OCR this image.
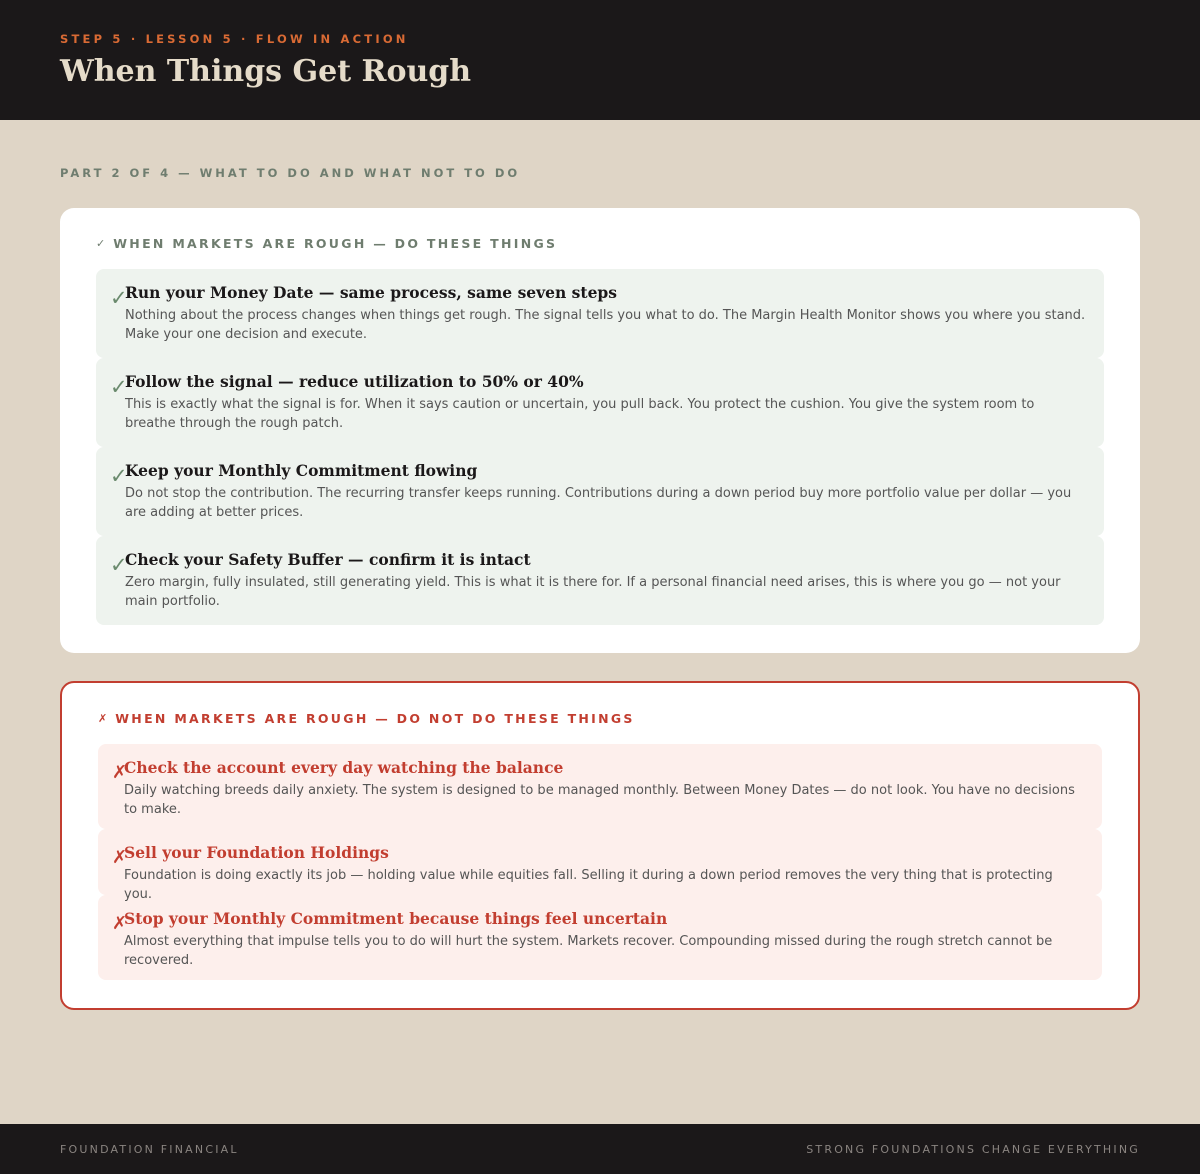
STEP 5 · LESSON 5 · FLOW IN ACTION
When Things Get Rough
PART 2 OF 4 — WHAT TO DO AND WHAT NOT TO DO
✓ WHEN MARKETS ARE ROUGH — DO THESE THINGS
✓
Run your Money Date — same process, same seven steps
Nothing about the process changes when things get rough. The signal tells you what to do. The Margin Health Monitor shows you where you stand. Make your one decision and execute.
✓
Follow the signal — reduce utilization to 50% or 40%
This is exactly what the signal is for. When it says caution or uncertain, you pull back. You protect the cushion. You give the system room to breathe through the rough patch.
✓
Keep your Monthly Commitment flowing
Do not stop the contribution. The recurring transfer keeps running. Contributions during a down period buy more portfolio value per dollar — you are adding at better prices.
✓
Check your Safety Buffer — confirm it is intact
Zero margin, fully insulated, still generating yield. This is what it is there for. If a personal financial need arises, this is where you go — not your main portfolio.
✗ WHEN MARKETS ARE ROUGH — DO NOT DO THESE THINGS
✗
Check the account every day watching the balance
Daily watching breeds daily anxiety. The system is designed to be managed monthly. Between Money Dates — do not look. You have no decisions to make.
✗
Sell your Foundation Holdings
Foundation is doing exactly its job — holding value while equities fall. Selling it during a down period removes the very thing that is protecting you.
✗
Stop your Monthly Commitment because things feel uncertain
Almost everything that impulse tells you to do will hurt the system. Markets recover. Compounding missed during the rough stretch cannot be recovered.
FOUNDATION FINANCIAL	STRONG FOUNDATIONS CHANGE EVERYTHING
